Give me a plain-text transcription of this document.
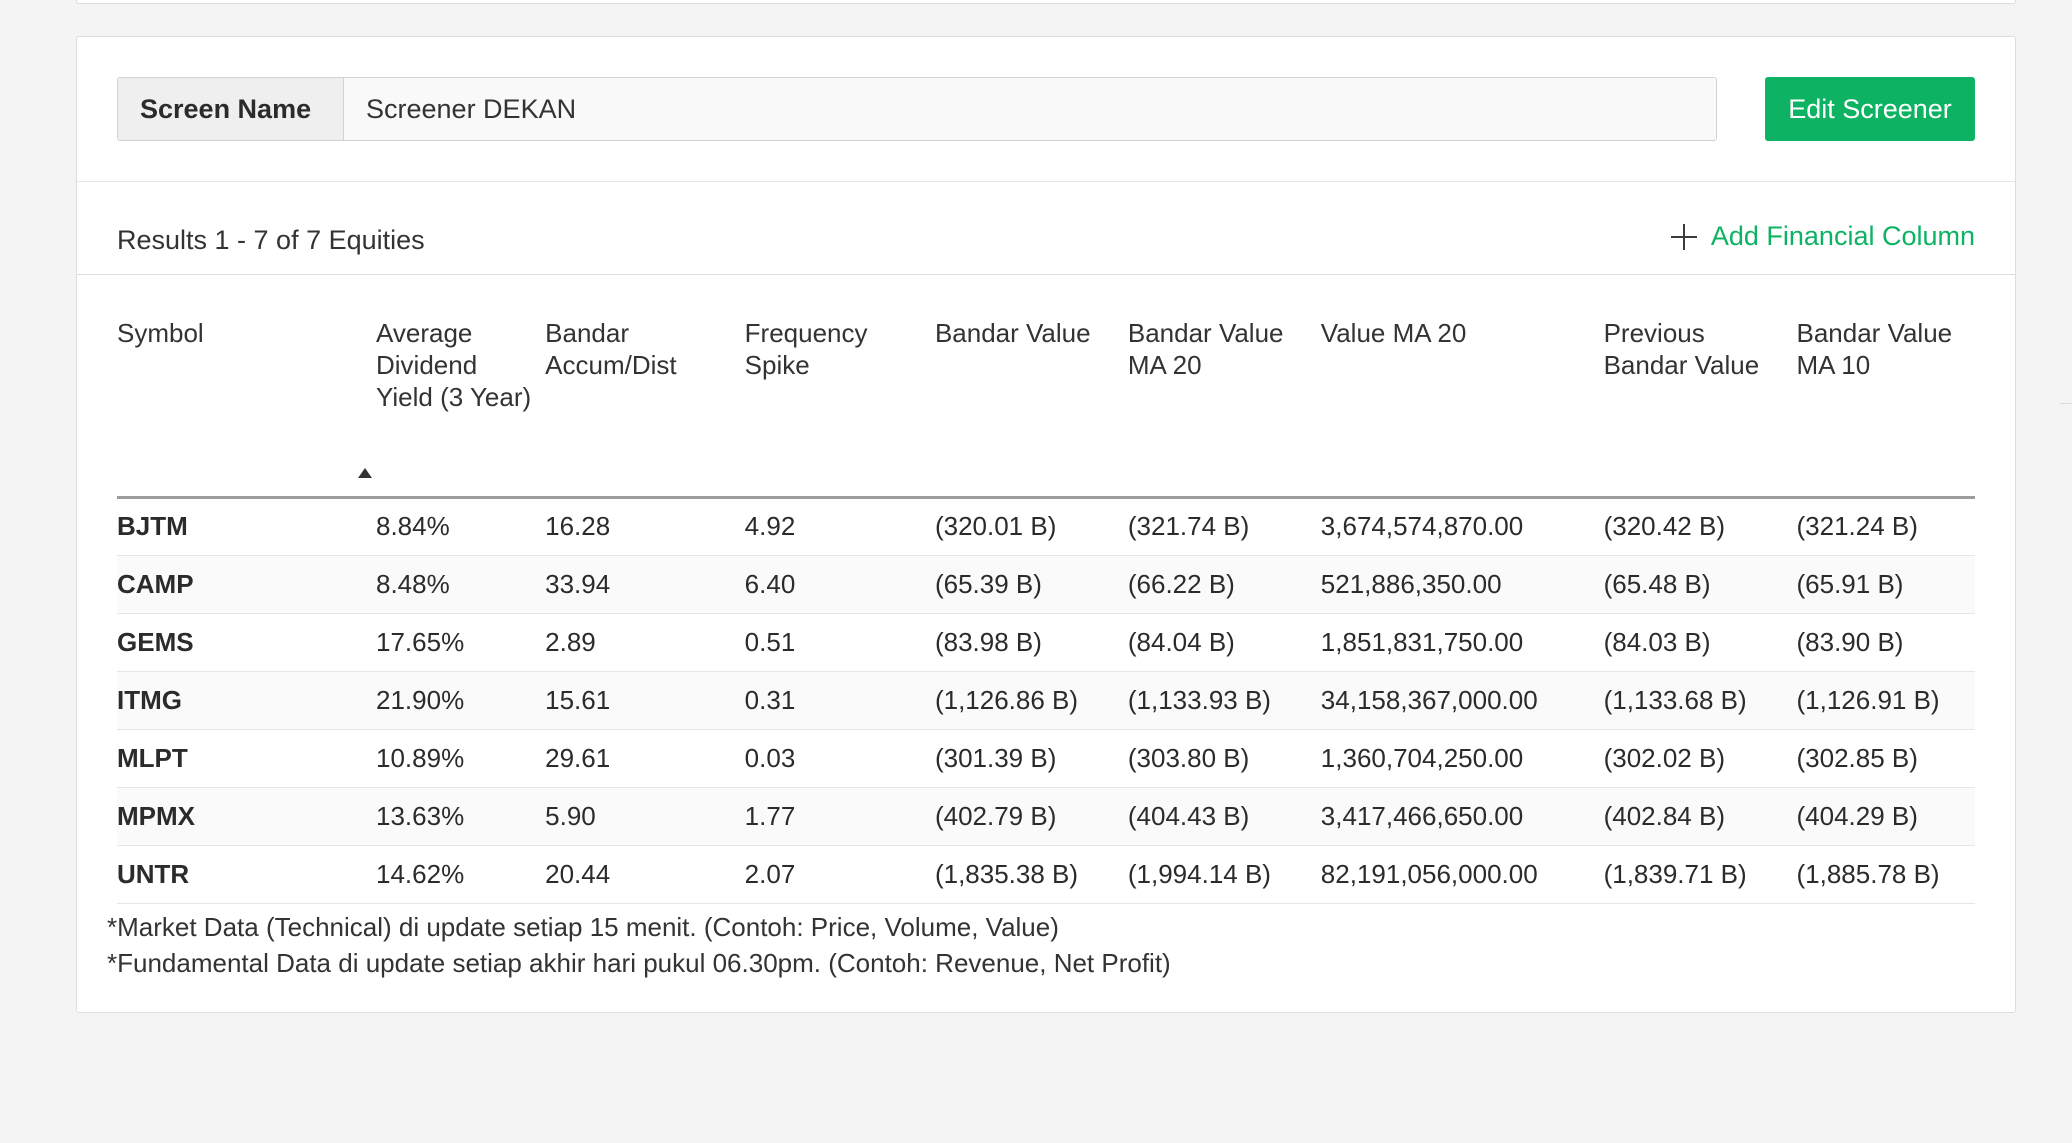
Screen Name
Screener DEKAN	Edit Screener
Results 1 - 7 of 7 Equities	Add Financial Column
Symbol	Average Dividend Yield (3 Year)	Bandar Accum/Dist	Frequency Spike	Bandar Value	Bandar Value MA 20	Value MA 20	Previous Bandar Value	Bandar Value MA 10
BJTM	8.84%	16.28	4.92	(320.01 B)	(321.74 B)	3,674,574,870.00	(320.42 B)	(321.24 B)
CAMP	8.48%	33.94	6.40	(65.39 B)	(66.22 B)	521,886,350.00	(65.48 B)	(65.91 B)
GEMS	17.65%	2.89	0.51	(83.98 B)	(84.04 B)	1,851,831,750.00	(84.03 B)	(83.90 B)
ITMG	21.90%	15.61	0.31	(1,126.86 B)	(1,133.93 B)	34,158,367,000.00	(1,133.68 B)	(1,126.91 B)
MLPT	10.89%	29.61	0.03	(301.39 B)	(303.80 B)	1,360,704,250.00	(302.02 B)	(302.85 B)
MPMX	13.63%	5.90	1.77	(402.79 B)	(404.43 B)	3,417,466,650.00	(402.84 B)	(404.29 B)
UNTR	14.62%	20.44	2.07	(1,835.38 B)	(1,994.14 B)	82,191,056,000.00	(1,839.71 B)	(1,885.78 B)
*Market Data (Technical) di update setiap 15 menit. (Contoh: Price, Volume, Value)
*Fundamental Data di update setiap akhir hari pukul 06.30pm. (Contoh: Revenue, Net Profit)
